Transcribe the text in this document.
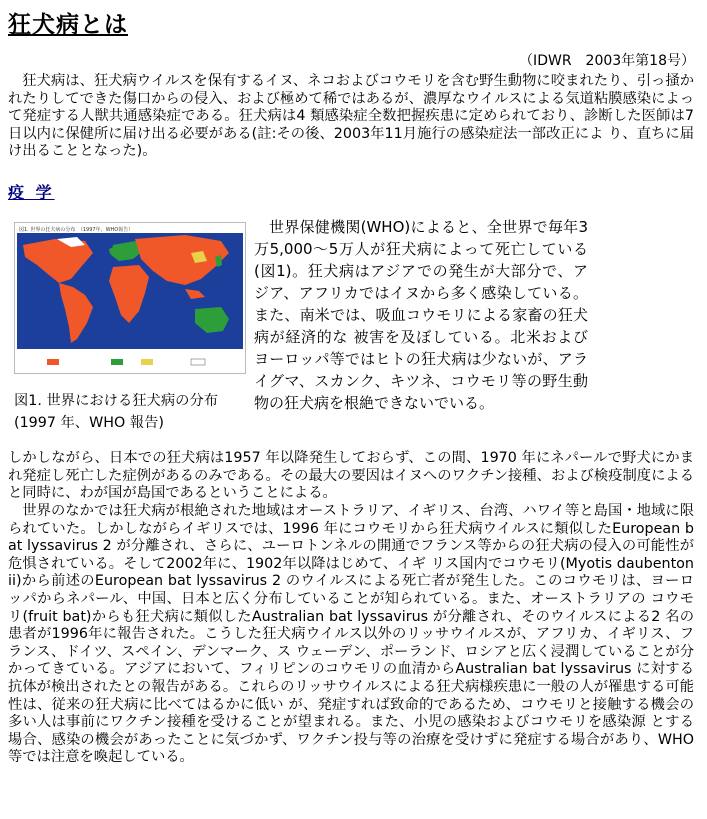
狂犬病とは
（IDWR　2003年第18号）

狂犬病は、狂犬病ウイルスを保有するイヌ、ネコおよびコウモリを含む野生動物に咬まれたり、引っ掻かれたりしてできた傷口からの侵入、および極めて稀ではあるが、濃厚なウイルスによる気道粘膜感染によって発症する人獣共通感染症である。狂犬病は4 類感染症全数把握疾患に定められており、診断した医師は7日以内に保健所に届け出る必要がある(註:その後、2003年11月施行の感染症法一部改正によ り、直ちに届け出ることとなった)。

疫 学
図1. 世界の狂犬病の分布　（1997年、WHO報告）

図1. 世界における狂犬病の分布(1997 年、WHO 報告)

世界保健機関(WHO)によると、全世界で毎年3万5,000〜5万人が狂犬病によって死亡している(図1)。狂犬病はアジアでの発生が大部分で、アジア、アフリカではイヌから多く感染している。また、南米では、吸血コウモリによる家畜の狂犬病が経済的な 被害を及ぼしている。北米およびヨーロッパ等ではヒトの狂犬病は少ないが、アライグマ、スカンク、キツネ、コウモリ等の野生動物の狂犬病を根絶できないでいる。

しかしながら、日本での狂犬病は1957 年以降発生しておらず、この間、1970 年にネパールで野犬にかまれ発症し死亡した症例があるのみである。その最大の要因はイヌへのワクチン接種、および検疫制度によると同時に、わが国が島国であるということによる。

世界のなかでは狂犬病が根絶された地域はオーストラリア、イギリス、台湾、ハワイ等と島国・地域に限られていた。しかしながらイギリスでは、1996 年にコウモリから狂犬病ウイルスに類似したEuropean bat lyssavirus 2 が分離され、さらに、ユーロトンネルの開通でフランス等からの狂犬病の侵入の可能性が危惧されている。そして2002年に、1902年以降はじめて、イギ リス国内でコウモリ(Myotis daubentonii)から前述のEuropean bat lyssavirus 2 のウイルスによる死亡者が発生した。このコウモリは、ヨーロッパからネパール、中国、日本と広く分布していることが知られている。また、オーストラリアの コウモリ(fruit bat)からも狂犬病に類似したAustralian bat lyssavirus が分離され、そのウイルスによる2 名の患者が1996年に報告された。こうした狂犬病ウイルス以外のリッサウイルスが、アフリカ、イギリス、フランス、ドイツ、スペイン、デンマーク、ス ウェーデン、ポーランド、ロシアと広く浸潤していることが分かってきている。アジアにおいて、フィリピンのコウモリの血清からAustralian bat lyssavirus に対する抗体が検出されたとの報告がある。これらのリッサウイルスによる狂犬病様疾患に一般の人が罹患する可能性は、従来の狂犬病に比べてはるかに低い が、発症すれば致命的であるため、コウモリと接触する機会の多い人は事前にワクチン接種を受けることが望まれる。また、小児の感染およびコウモリを感染源 とする場合、感染の機会があったことに気づかず、ワクチン投与等の治療を受けずに発症する場合があり、WHO等では注意を喚起している。
